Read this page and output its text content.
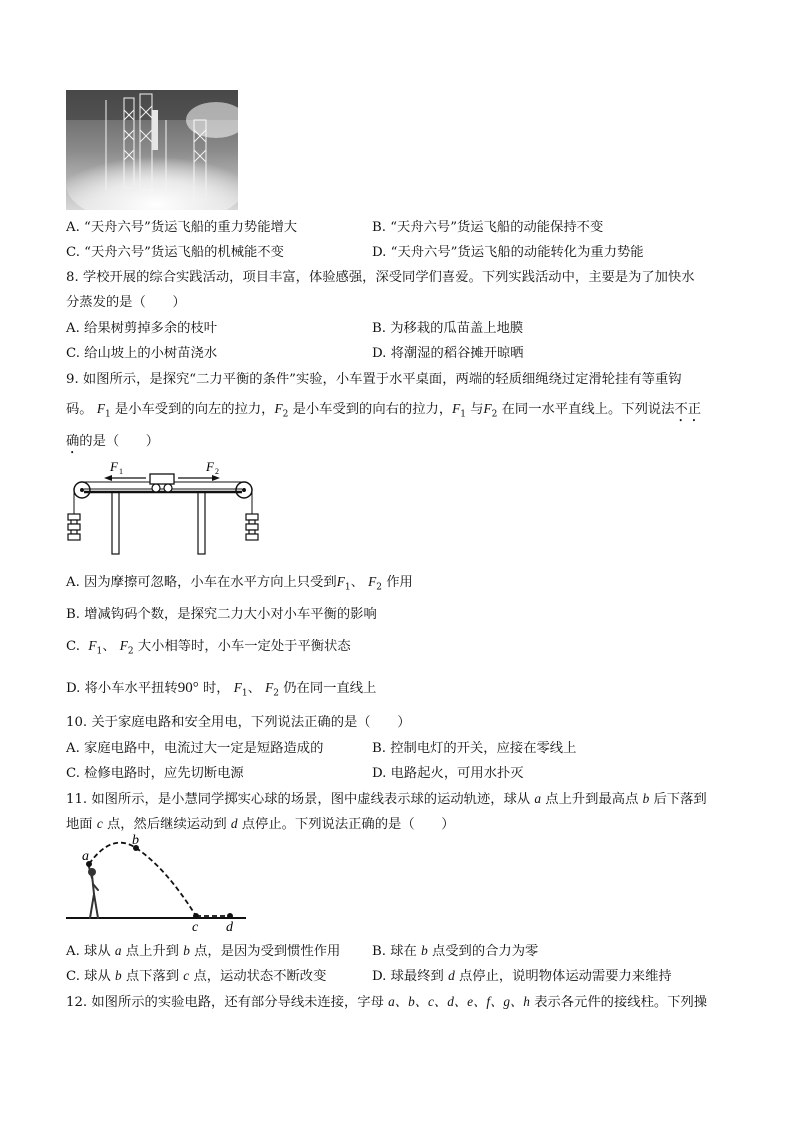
A. “天舟六号”货运飞船的重力势能增大	B. “天舟六号”货运飞船的动能保持不变
C. “天舟六号”货运飞船的机械能不变	D. “天舟六号”货运飞船的动能转化为重力势能
8. 学校开展的综合实践活动，项目丰富，体验感强，深受同学们喜爱。下列实践活动中，主要是为了加快水
分蒸发的是（　　）
A. 给果树剪掉多余的枝叶	B. 为移栽的瓜苗盖上地膜
C. 给山坡上的小树苗浇水	D. 将潮湿的稻谷摊开晾晒
9. 如图所示，是探究“二力平衡的条件”实验，小车置于水平桌面，两端的轻质细绳绕过定滑轮挂有等重钩
码。 $F_1$ 是小车受到的向左的拉力，$F_2$ 是小车受到的向右的拉力，$F_1$ 与$F_2$ 在同一水平直线上。下列说法不正
确的是（　　）
F 1	F 2
A. 因为摩擦可忽略，小车在水平方向上只受到$F_1$、 $F_2$ 作用
B. 增减钩码个数，是探究二力大小对小车平衡的影响
C. $F_1$、 $F_2$ 大小相等时，小车一定处于平衡状态
D. 将小车水平扭转90° 时， $F_1$、 $F_2$ 仍在同一直线上
10. 关于家庭电路和安全用电，下列说法正确的是（　　）
A. 家庭电路中，电流过大一定是短路造成的	B. 控制电灯的开关，应接在零线上
C. 检修电路时，应先切断电源	D. 电路起火，可用水扑灭
11. 如图所示，是小慧同学掷实心球的场景，图中虚线表示球的运动轨迹，球从 a 点上升到最高点 b 后下落到
地面 c 点，然后继续运动到 d 点停止。下列说法正确的是（　　）
a
b
c d
A. 球从 a 点上升到 b 点，是因为受到惯性作用 B. 球在 b 点受到的合力为零
C. 球从 b 点下落到 c 点，运动状态不断改变	D. 球最终到 d 点停止，说明物体运动需要力来维持
12. 如图所示的实验电路，还有部分导线未连接，字母 a、b、c、d、e、f、g、h 表示各元件的接线柱。下列操
